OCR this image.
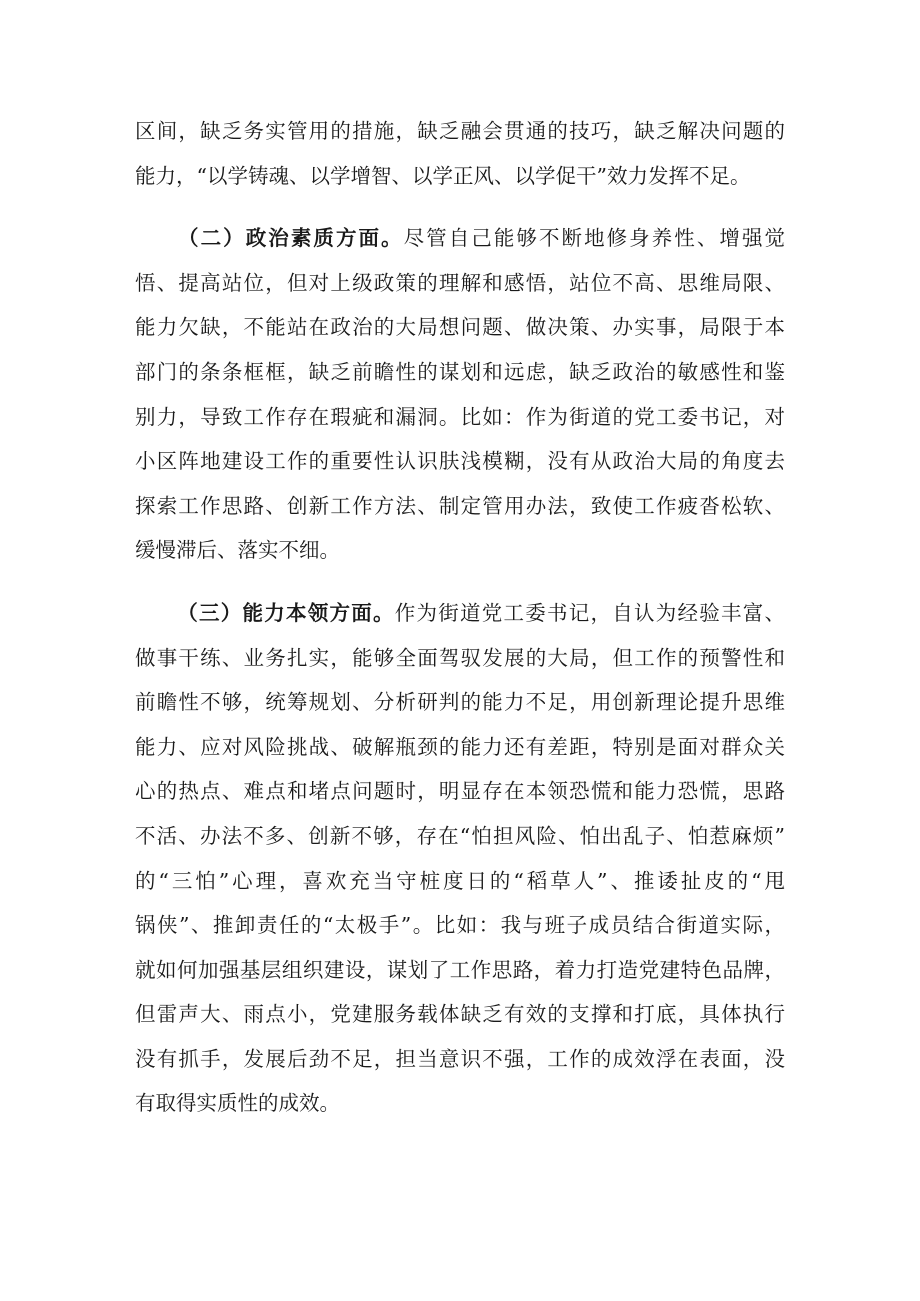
区间，缺乏务实管用的措施，缺乏融会贯通的技巧，缺乏解决问题的
能力，“以学铸魂、以学增智、以学正风、以学促干”效力发挥不足。
（二）政治素质方面。尽管自己能够不断地修身养性、增强觉
悟、提高站位，但对上级政策的理解和感悟，站位不高、思维局限、
能力欠缺，不能站在政治的大局想问题、做决策、办实事，局限于本
部门的条条框框，缺乏前瞻性的谋划和远虑，缺乏政治的敏感性和鉴
别力，导致工作存在瑕疵和漏洞。比如：作为街道的党工委书记，对
小区阵地建设工作的重要性认识肤浅模糊，没有从政治大局的角度去
探索工作思路、创新工作方法、制定管用办法，致使工作疲沓松软、
缓慢滞后、落实不细。
（三）能力本领方面。作为街道党工委书记，自认为经验丰富、
做事干练、业务扎实，能够全面驾驭发展的大局，但工作的预警性和
前瞻性不够，统筹规划、分析研判的能力不足，用创新理论提升思维
能力、应对风险挑战、破解瓶颈的能力还有差距，特别是面对群众关
心的热点、难点和堵点问题时，明显存在本领恐慌和能力恐慌，思路
不活、办法不多、创新不够，存在“怕担风险、怕出乱子、怕惹麻烦”
的“三怕”心理，喜欢充当守桩度日的“稻草人”、推诿扯皮的“甩
锅侠”、推卸责任的“太极手”。比如：我与班子成员结合街道实际，
就如何加强基层组织建设，谋划了工作思路，着力打造党建特色品牌，
但雷声大、雨点小，党建服务载体缺乏有效的支撑和打底，具体执行
没有抓手，发展后劲不足，担当意识不强，工作的成效浮在表面，没
有取得实质性的成效。
